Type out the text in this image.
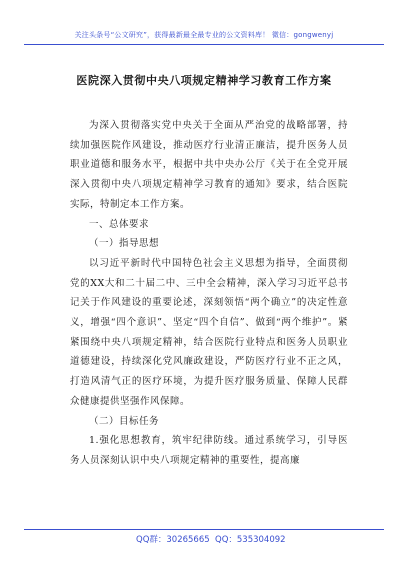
关注头条号“公文研究”，获得最新最全最专业的公文资料库！ 微信：gongwenyj
医院深入贯彻中央八项规定精神学习教育工作方案

为深入贯彻落实党中央关于全面从严治党的战略部署，持续加强医院作风建设，推动医疗行业清正廉洁，提升医务人员职业道德和服务水平，根据中共中央办公厅《关于在全党开展深入贯彻中央八项规定精神学习教育的通知》要求，结合医院实际，特制定本工作方案。

一、总体要求

（一）指导思想

以习近平新时代中国特色社会主义思想为指导，全面贯彻党的XX大和二十届二中、三中全会精神，深入学习习近平总书记关于作风建设的重要论述，深刻领悟“两个确立”的决定性意义，增强“四个意识”、坚定“四个自信”、做到“两个维护”。紧紧围绕中央八项规定精神，结合医院行业特点和医务人员职业道德建设，持续深化党风廉政建设，严防医疗行业不正之风，打造风清气正的医疗环境，为提升医疗服务质量、保障人民群众健康提供坚强作风保障。

（二）目标任务

1.强化思想教育，筑牢纪律防线。通过系统学习，引导医务人员深刻认识中央八项规定精神的重要性，提高廉

QQ群：30265665 QQ：535304092
